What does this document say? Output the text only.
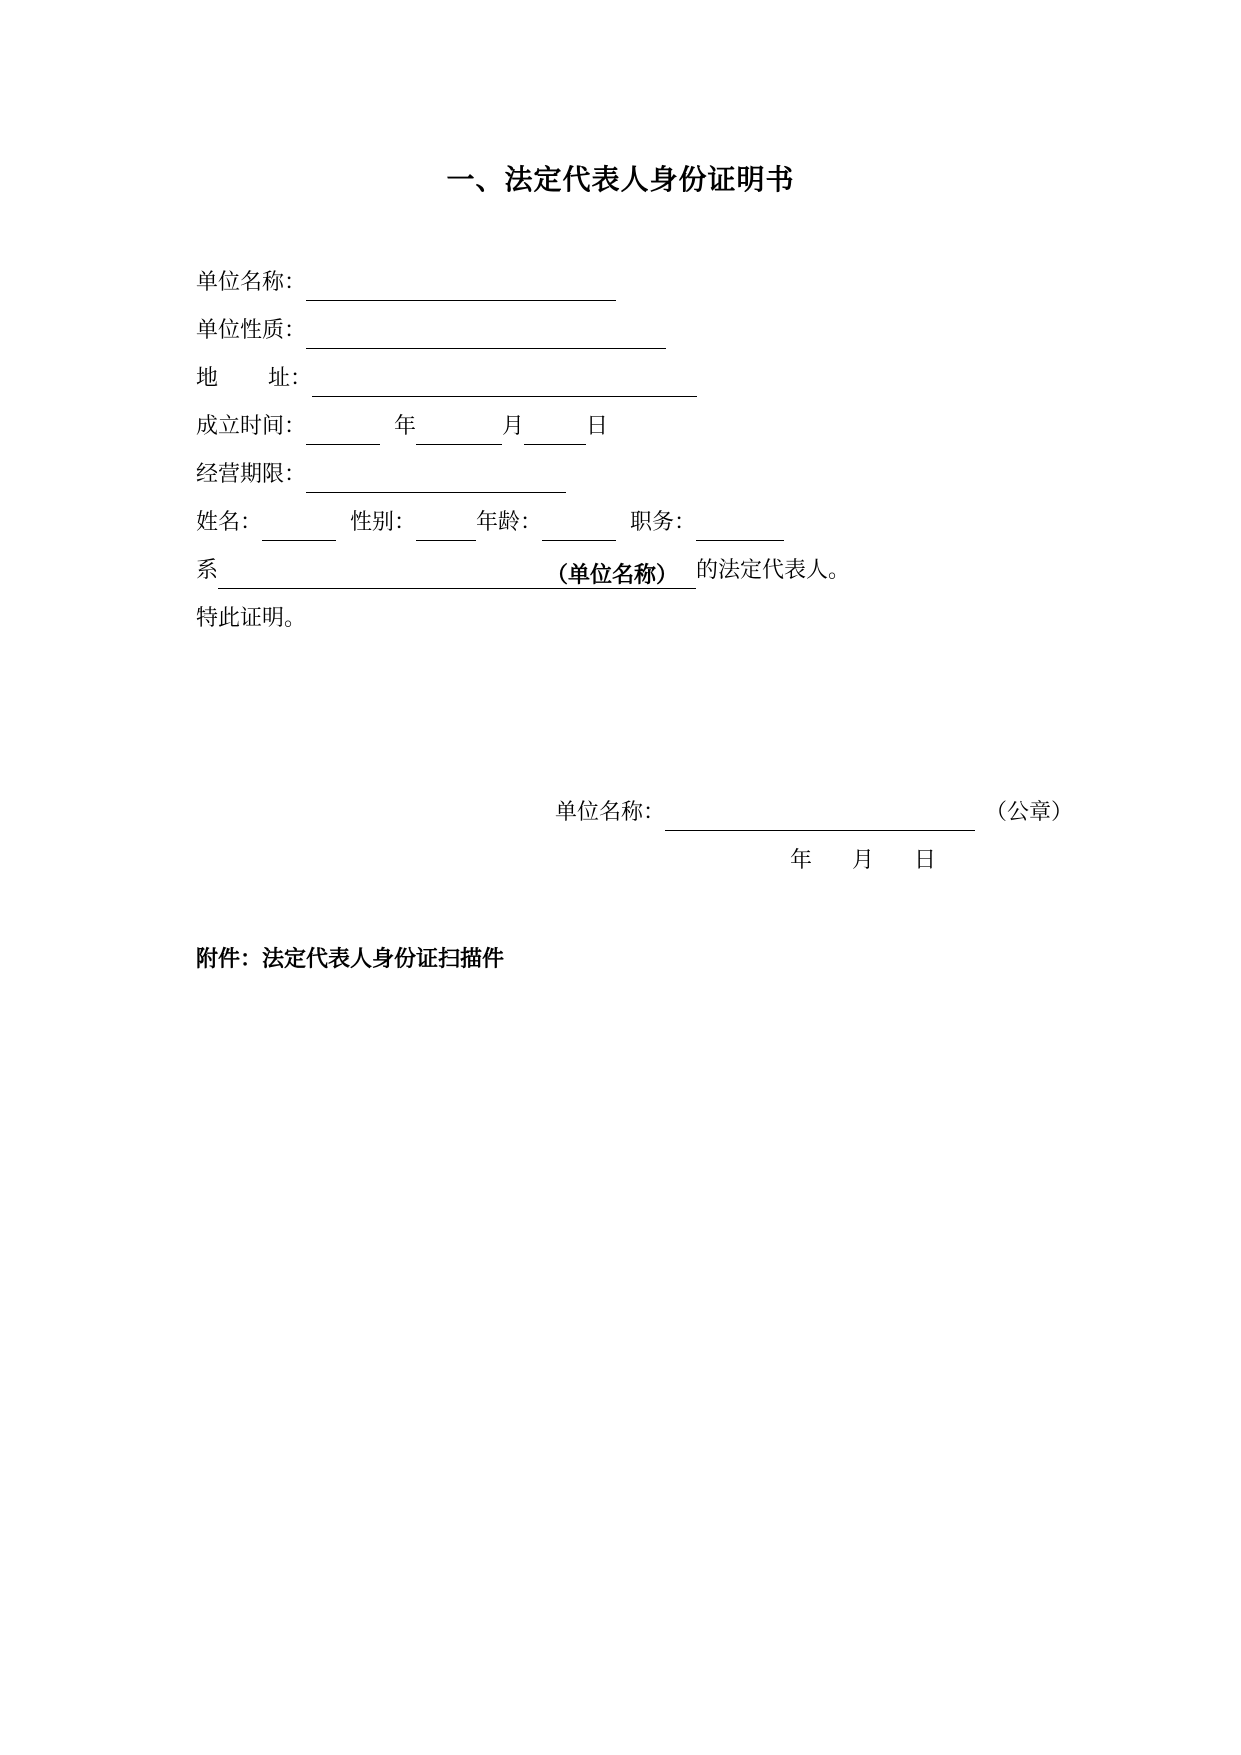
一、法定代表人身份证明书
单位名称：
单位性质：
地 址：
成立时间：	年	月	日
经营期限：
姓名：	性别：	年龄：	职务：
系	（单位名称） 的法定代表人。
特此证明。
单位名称：	（公章）
年 月 日
附件：法定代表人身份证扫描件
